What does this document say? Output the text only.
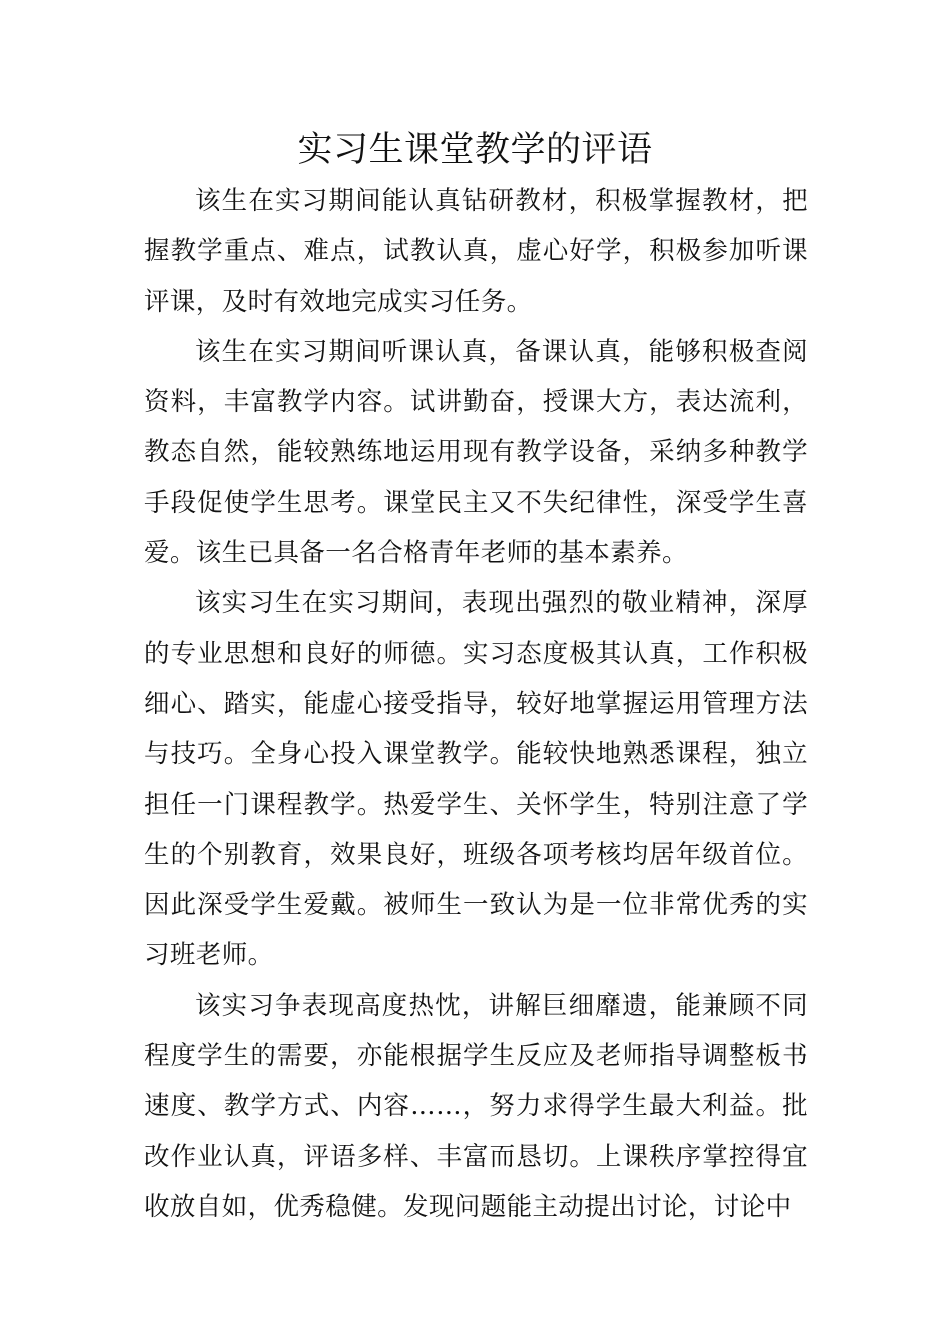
实习生课堂教学的评语

该生在实习期间能认真钻研教材，积极掌握教材，把握教学重点、难点，试教认真，虚心好学，积极参加听课评课，及时有效地完成实习任务。

该生在实习期间听课认真，备课认真，能够积极查阅资料，丰富教学内容。试讲勤奋，授课大方，表达流利，教态自然，能较熟练地运用现有教学设备，采纳多种教学手段促使学生思考。课堂民主又不失纪律性，深受学生喜爱。该生已具备一名合格青年老师的基本素养。

该实习生在实习期间，表现出强烈的敬业精神，深厚的专业思想和良好的师德。实习态度极其认真，工作积极细心、踏实，能虚心接受指导，较好地掌握运用管理方法与技巧。全身心投入课堂教学。能较快地熟悉课程，独立担任一门课程教学。热爱学生、关怀学生，特别注意了学生的个别教育，效果良好，班级各项考核均居年级首位。因此深受学生爱戴。被师生一致认为是一位非常优秀的实习班老师。

该实习争表现高度热忱，讲解巨细靡遗，能兼顾不同程度学生的需要，亦能根据学生反应及老师指导调整板书速度、教学方式、内容……，努力求得学生最大利益。批改作业认真，评语多样、丰富而恳切。上课秩序掌控得宜收放自如，优秀稳健。发现问题能主动提出讨论，讨论中
